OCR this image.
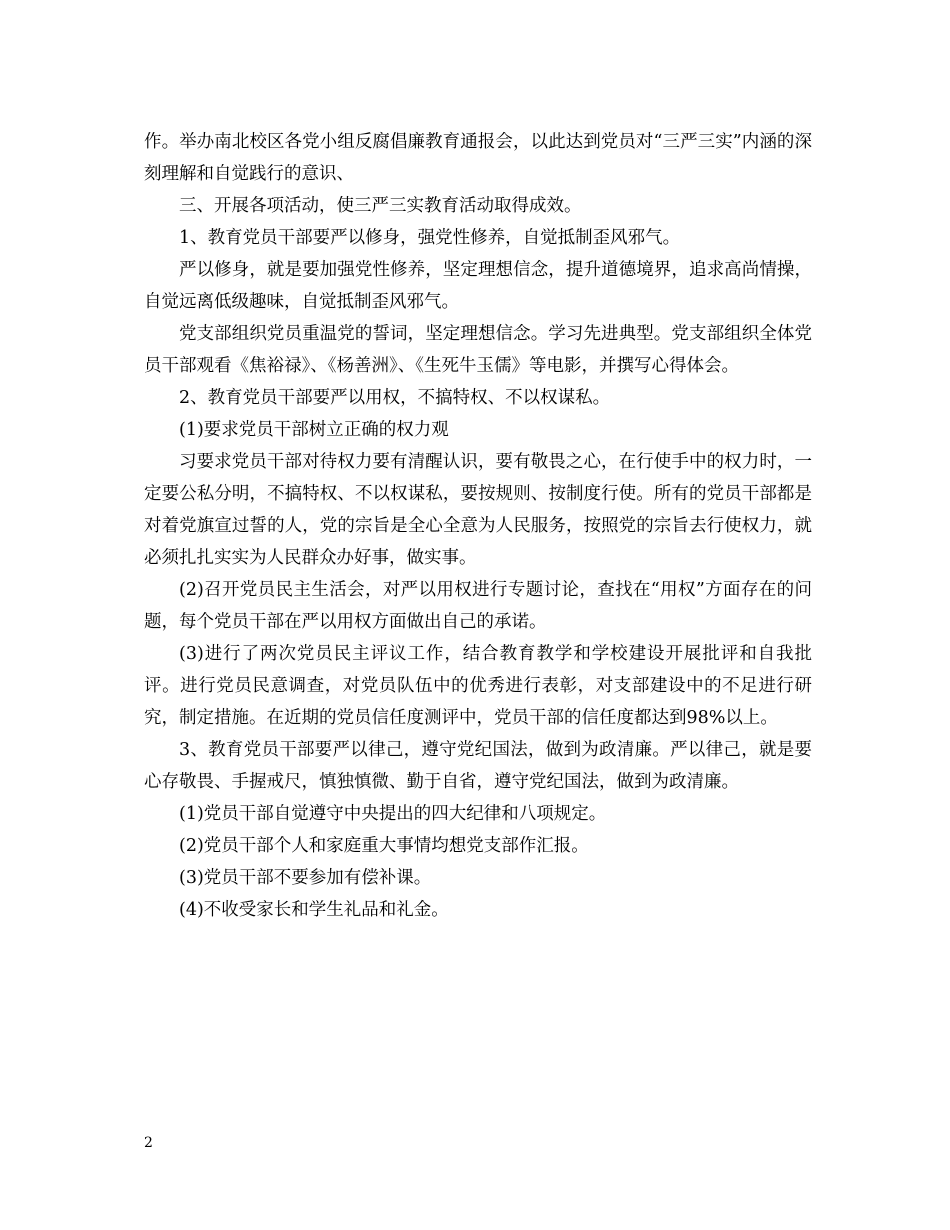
作。举办南北校区各党小组反腐倡廉教育通报会，以此达到党员对“三严三实”内涵的深刻理解和自觉践行的意识、

三、开展各项活动，使三严三实教育活动取得成效。

1、教育党员干部要严以修身，强党性修养，自觉抵制歪风邪气。

严以修身，就是要加强党性修养，坚定理想信念，提升道德境界，追求高尚情操，自觉远离低级趣味，自觉抵制歪风邪气。

党支部组织党员重温党的誓词，坚定理想信念。学习先进典型。党支部组织全体党员干部观看《焦裕禄》、《杨善洲》、《生死牛玉儒》等电影，并撰写心得体会。

2、教育党员干部要严以用权，不搞特权、不以权谋私。

(1)要求党员干部树立正确的权力观

习要求党员干部对待权力要有清醒认识，要有敬畏之心，在行使手中的权力时，一定要公私分明，不搞特权、不以权谋私，要按规则、按制度行使。所有的党员干部都是对着党旗宣过誓的人，党的宗旨是全心全意为人民服务，按照党的宗旨去行使权力，就必须扎扎实实为人民群众办好事，做实事。

(2)召开党员民主生活会，对严以用权进行专题讨论，查找在“用权”方面存在的问题，每个党员干部在严以用权方面做出自己的承诺。

(3)进行了两次党员民主评议工作，结合教育教学和学校建设开展批评和自我批评。进行党员民意调查，对党员队伍中的优秀进行表彰，对支部建设中的不足进行研究，制定措施。在近期的党员信任度测评中，党员干部的信任度都达到98%以上。

3、教育党员干部要严以律己，遵守党纪国法，做到为政清廉。严以律己，就是要心存敬畏、手握戒尺，慎独慎微、勤于自省，遵守党纪国法，做到为政清廉。

(1)党员干部自觉遵守中央提出的四大纪律和八项规定。

(2)党员干部个人和家庭重大事情均想党支部作汇报。

(3)党员干部不要参加有偿补课。

(4)不收受家长和学生礼品和礼金。

2
